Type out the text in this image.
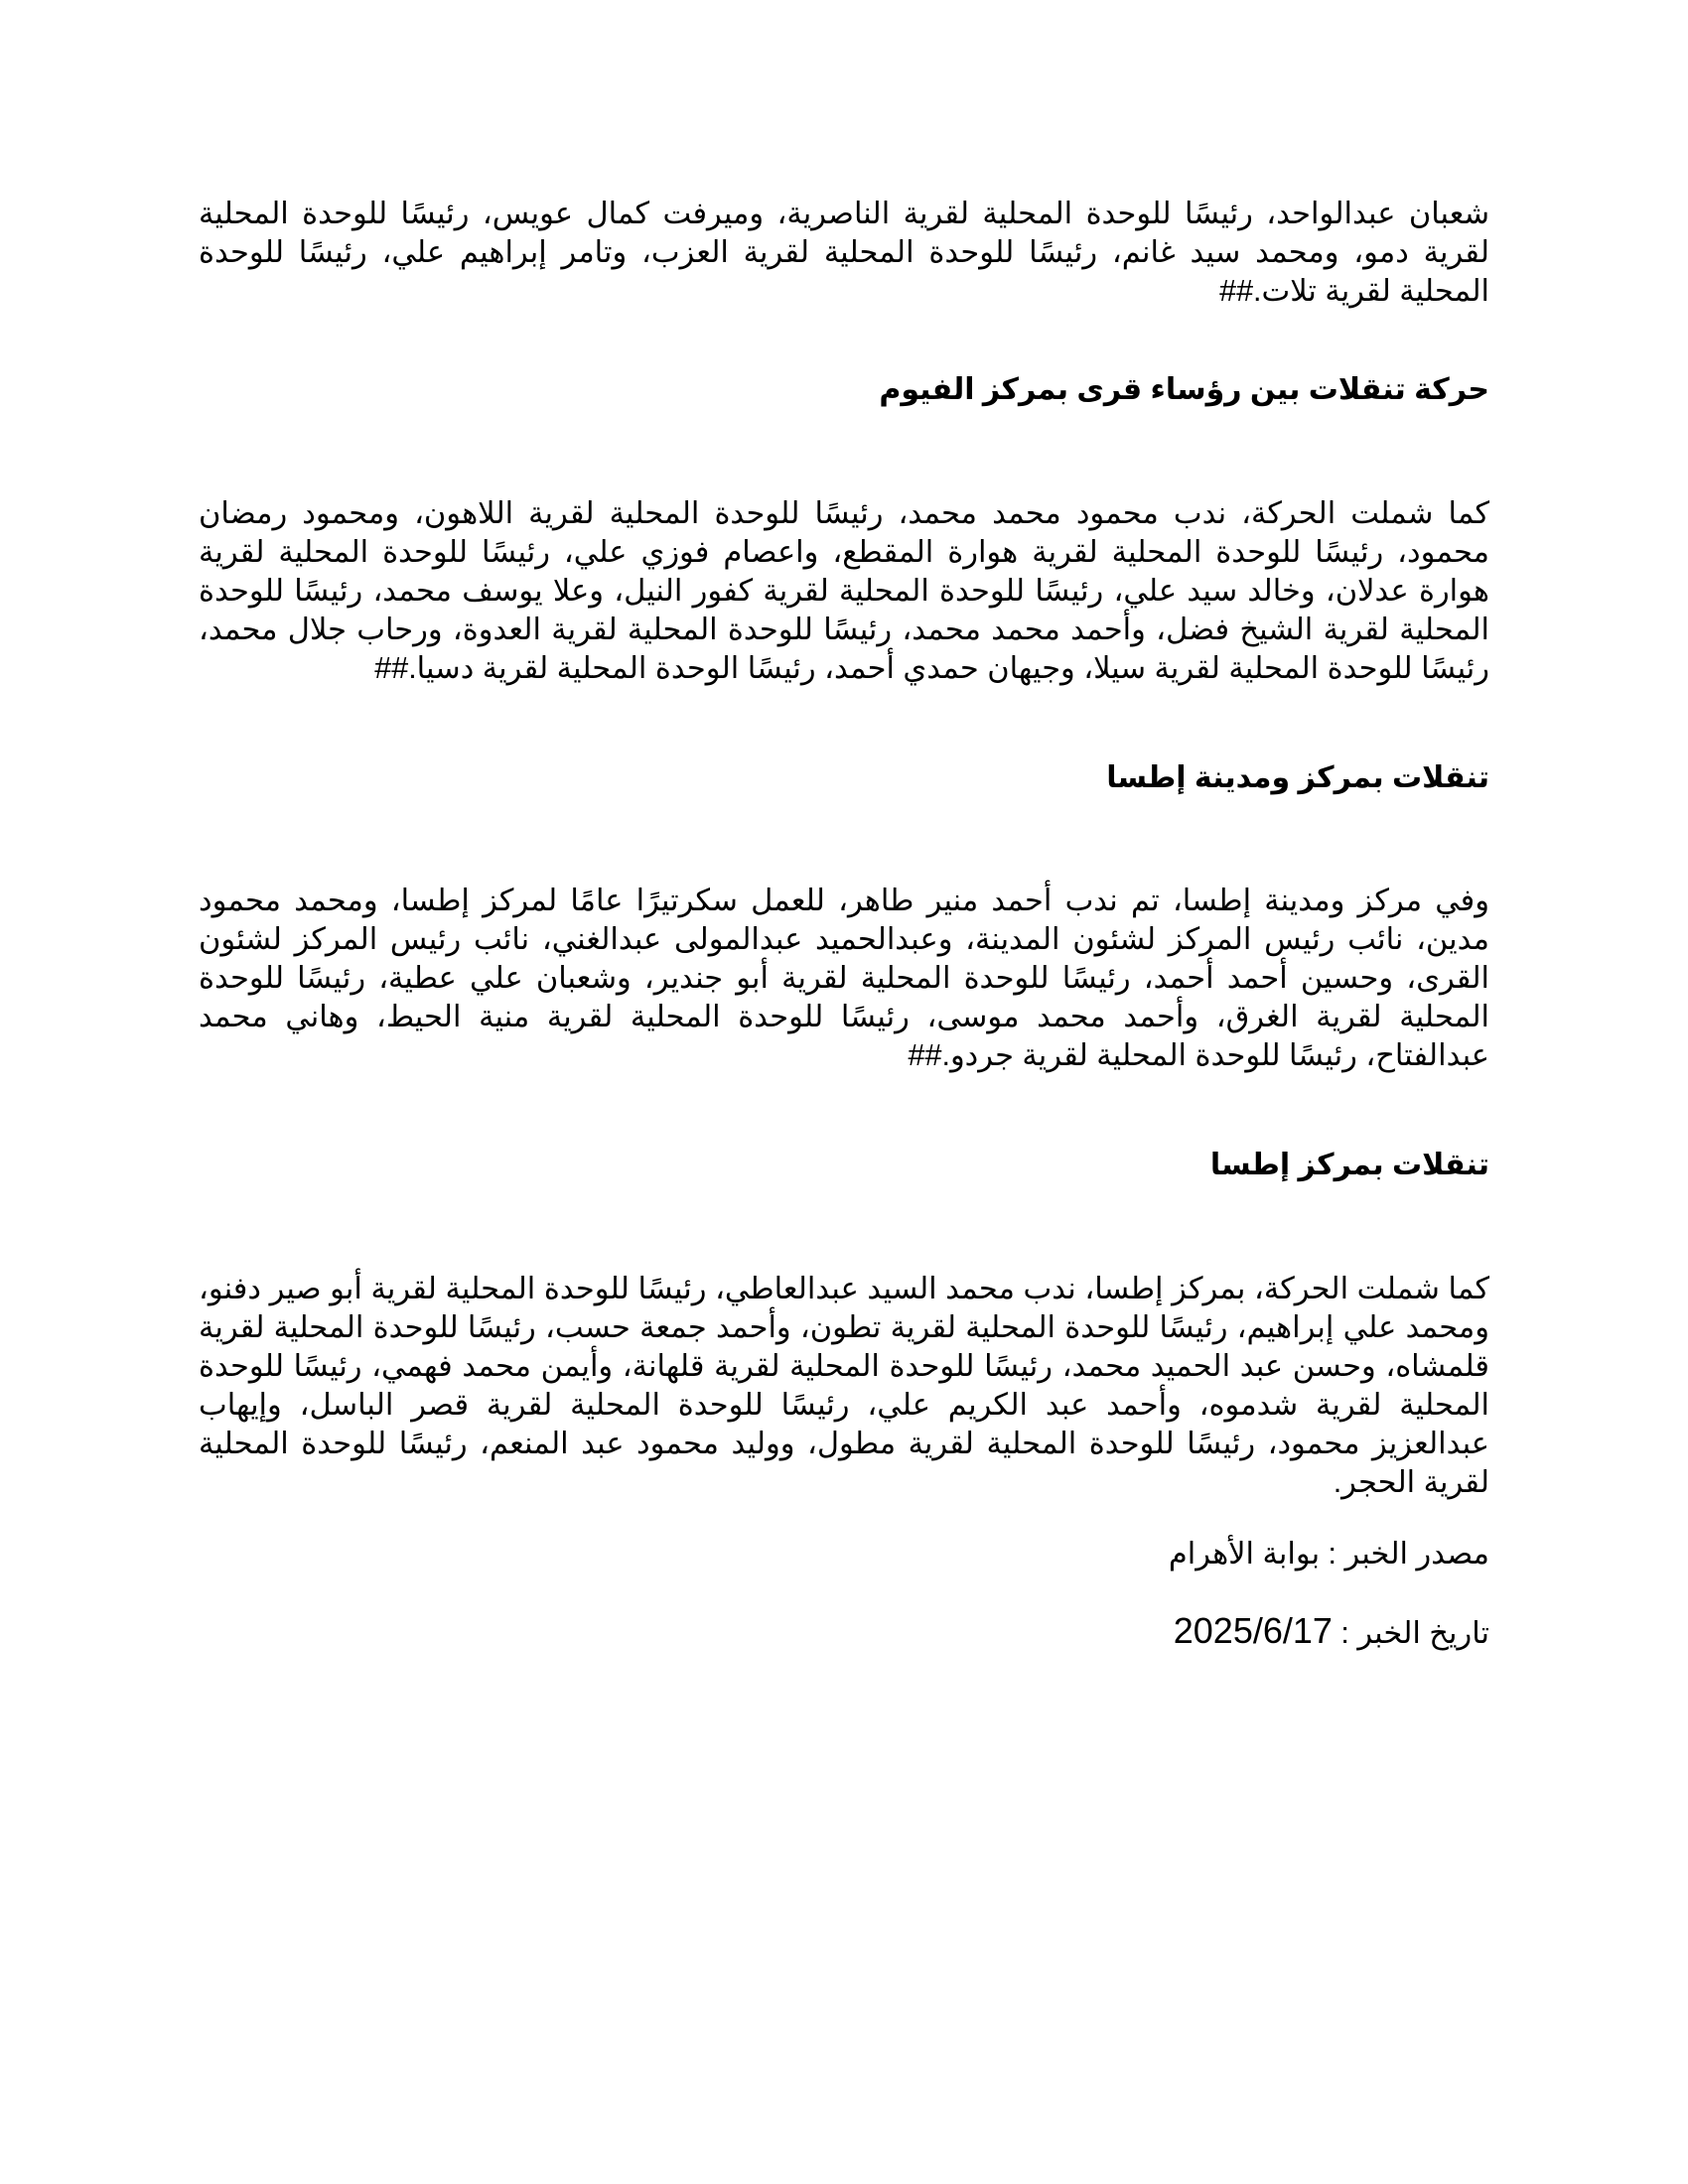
شعبان عبدالواحد، رئيسًا للوحدة المحلية لقرية الناصرية، وميرفت كمال عويس، رئيسًا للوحدة المحلية لقرية دمو، ومحمد سيد غانم، رئيسًا للوحدة المحلية لقرية العزب، وتامر إبراهيم علي، رئيسًا للوحدة المحلية لقرية تلات.##

حركة تنقلات بين رؤساء قرى بمركز الفيوم

كما شملت الحركة، ندب محمود محمد محمد، رئيسًا للوحدة المحلية لقرية اللاهون، ومحمود رمضان محمود، رئيسًا للوحدة المحلية لقرية هوارة المقطع، واعصام فوزي علي، رئيسًا للوحدة المحلية لقرية هوارة عدلان، وخالد سيد علي، رئيسًا للوحدة المحلية لقرية كفور النيل، وعلا يوسف محمد، رئيسًا للوحدة المحلية لقرية الشيخ فضل، وأحمد محمد محمد، رئيسًا للوحدة المحلية لقرية العدوة، ورحاب جلال محمد، رئيسًا للوحدة المحلية لقرية سيلا، وجيهان حمدي أحمد، رئيسًا الوحدة المحلية لقرية دسيا.##

تنقلات بمركز ومدينة إطسا

وفي مركز ومدينة إطسا، تم ندب أحمد منير طاهر، للعمل سكرتيرًا عامًا لمركز إطسا، ومحمد محمود مدين، نائب رئيس المركز لشئون المدينة، وعبدالحميد عبدالمولى عبدالغني، نائب رئيس المركز لشئون القرى، وحسين أحمد أحمد، رئيسًا للوحدة المحلية لقرية أبو جندير، وشعبان علي عطية، رئيسًا للوحدة المحلية لقرية الغرق، وأحمد محمد موسى، رئيسًا للوحدة المحلية لقرية منية الحيط، وهاني محمد عبدالفتاح، رئيسًا للوحدة المحلية لقرية جردو.##

تنقلات بمركز إطسا

كما شملت الحركة، بمركز إطسا، ندب محمد السيد عبدالعاطي، رئيسًا للوحدة المحلية لقرية أبو صير دفنو، ومحمد علي إبراهيم، رئيسًا للوحدة المحلية لقرية تطون، وأحمد جمعة حسب، رئيسًا للوحدة المحلية لقرية قلمشاه، وحسن عبد الحميد محمد، رئيسًا للوحدة المحلية لقرية قلهانة، وأيمن محمد فهمي، رئيسًا للوحدة المحلية لقرية شدموه، وأحمد عبد الكريم علي، رئيسًا للوحدة المحلية لقرية قصر الباسل، وإيهاب عبدالعزيز محمود، رئيسًا للوحدة المحلية لقرية مطول، ووليد محمود عبد المنعم، رئيسًا للوحدة المحلية لقرية الحجر.

مصدر الخبر : بوابة الأهرام

تاريخ الخبر : 2025/6/17
